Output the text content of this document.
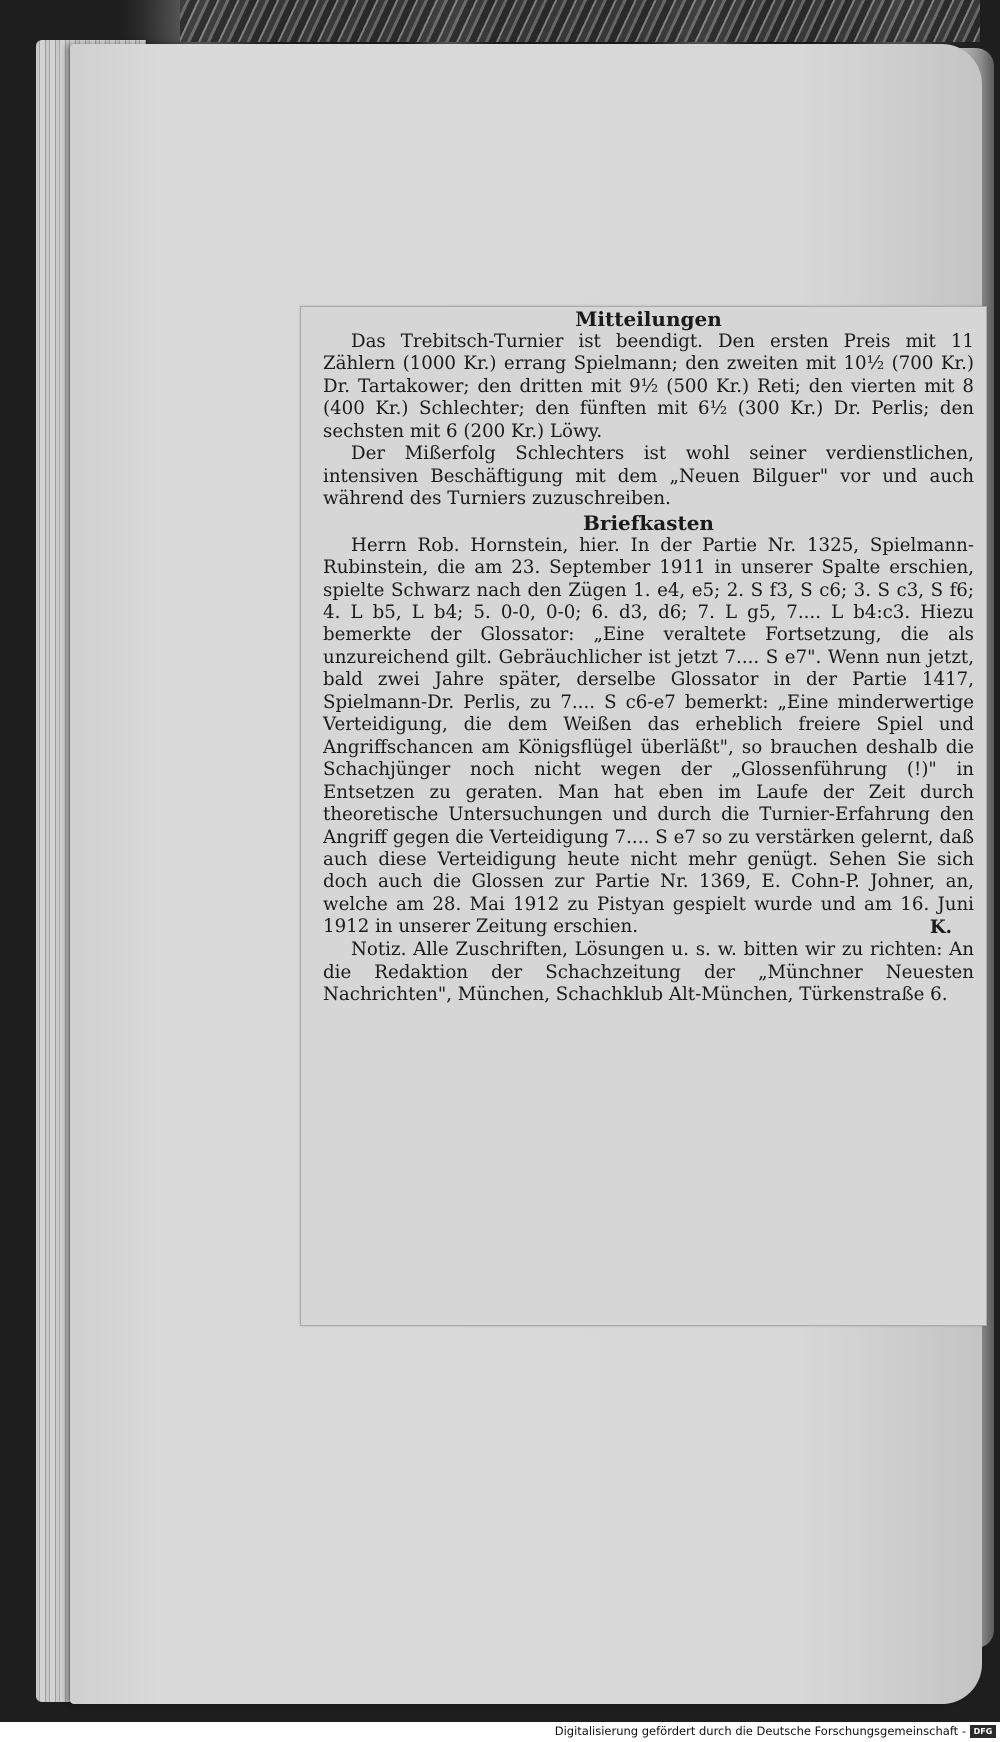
Mitteilungen

Das Trebitsch-Turnier ist beendigt. Den ersten Preis mit 11 Zählern (1000 Kr.) errang Spielmann; den zweiten mit 10½ (700 Kr.) Dr. Tartakower; den dritten mit 9½ (500 Kr.) Reti; den vierten mit 8 (400 Kr.) Schlechter; den fünften mit 6½ (300 Kr.) Dr. Perlis; den sechsten mit 6 (200 Kr.) Löwy.

Der Mißerfolg Schlechters ist wohl seiner verdienstlichen, intensiven Beschäftigung mit dem „Neuen Bilguer" vor und auch während des Turniers zuzuschreiben.

Briefkasten

Herrn Rob. Hornstein, hier. In der Partie Nr. 1325, Spielmann-Rubinstein, die am 23. September 1911 in unserer Spalte erschien, spielte Schwarz nach den Zügen 1. e4, e5; 2. S f3, S c6; 3. S c3, S f6; 4. L b5, L b4; 5. 0-0, 0-0; 6. d3, d6; 7. L g5, 7.... L b4:c3. Hiezu bemerkte der Glossator: „Eine veraltete Fortsetzung, die als unzureichend gilt. Gebräuchlicher ist jetzt 7.... S e7". Wenn nun jetzt, bald zwei Jahre später, derselbe Glossator in der Partie 1417, Spielmann-Dr. Perlis, zu 7.... S c6-e7 bemerkt: „Eine minderwertige Verteidigung, die dem Weißen das erheblich freiere Spiel und Angriffschancen am Königsflügel überläßt", so brauchen deshalb die Schachjünger noch nicht wegen der „Glossenführung (!)" in Entsetzen zu geraten. Man hat eben im Laufe der Zeit durch theoretische Untersuchungen und durch die Turnier-Erfahrung den Angriff gegen die Verteidigung 7.... S e7 so zu verstärken gelernt, daß auch diese Verteidigung heute nicht mehr genügt. Sehen Sie sich doch auch die Glossen zur Partie Nr. 1369, E. Cohn-P. Johner, an, welche am 28. Mai 1912 zu Pistyan gespielt wurde und am 16. Juni 1912 in unserer Zeitung erschien.	K.

Notiz. Alle Zuschriften, Lösungen u. s. w. bitten wir zu richten: An die Redaktion der Schachzeitung der „Münchner Neuesten Nachrichten", München, Schachklub Alt-München, Türkenstraße 6.

Digitalisierung gefördert durch die Deutsche Forschungsgemeinschaft - DFG
